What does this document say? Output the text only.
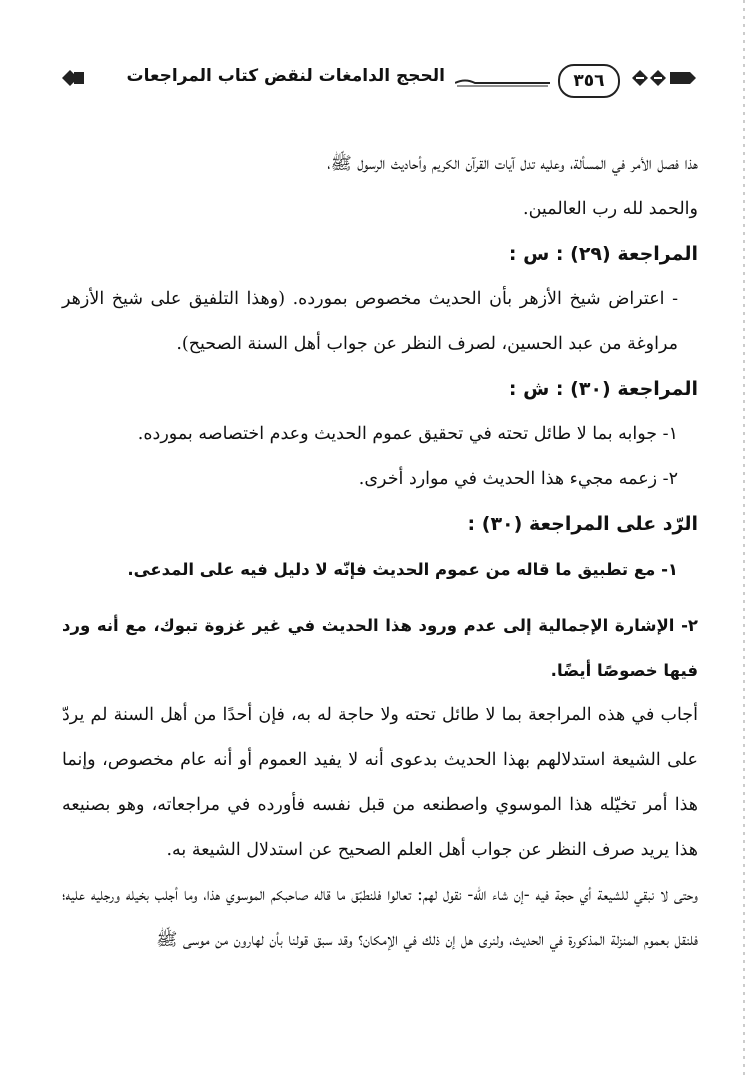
٣٥٦
الحجج الدامغات لنقض كتاب المراجعات

هذا فصل الأمر في المسألة، وعليه تدل آيات القرآن الكريم وأحاديث الرسول ﷺ،

والحمد لله رب العالمين.

المراجعة (٢٩) : س :

- اعتراض شيخ الأزهر بأن الحديث مخصوص بمورده. (وهذا التلفيق على شيخ الأزهر مراوغة من عبد الحسين، لصرف النظر عن جواب أهل السنة الصحيح).

المراجعة (٣٠) : ش :

١- جوابه بما لا طائل تحته في تحقيق عموم الحديث وعدم اختصاصه بمورده.

٢- زعمه مجيء هذا الحديث في موارد أخرى.

الرّد على المراجعة (٣٠) :

١- مع تطبيق ما قاله من عموم الحديث فإنّه لا دليل فيه على المدعى.

٢- الإشارة الإجمالية إلى عدم ورود هذا الحديث في غير غزوة تبوك، مع أنه ورد فيها خصوصًا أيضًا.

أجاب في هذه المراجعة بما لا طائل تحته ولا حاجة له به، فإن أحدًا من أهل السنة لم يردّ على الشيعة استدلالهم بهذا الحديث بدعوى أنه لا يفيد العموم أو أنه عام مخصوص، وإنما هذا أمر تخيّله هذا الموسوي واصطنعه من قبل نفسه فأورده في مراجعاته، وهو بصنيعه هذا يريد صرف النظر عن جواب أهل العلم الصحيح عن استدلال الشيعة به.

وحتى لا نبقي للشيعة أي حجة فيه -إن شاء الله- نقول لهم: تعالوا فلنطبّق ما قاله صاحبكم الموسوي هذا، وما أجلب بخيله ورجليه عليه؛ فلنقل بعموم المنزلة المذكورة في الحديث، ولنرى هل إن ذلك في الإمكان؟ وقد سبق قولنا بأن لهارون من موسى ﷺ
